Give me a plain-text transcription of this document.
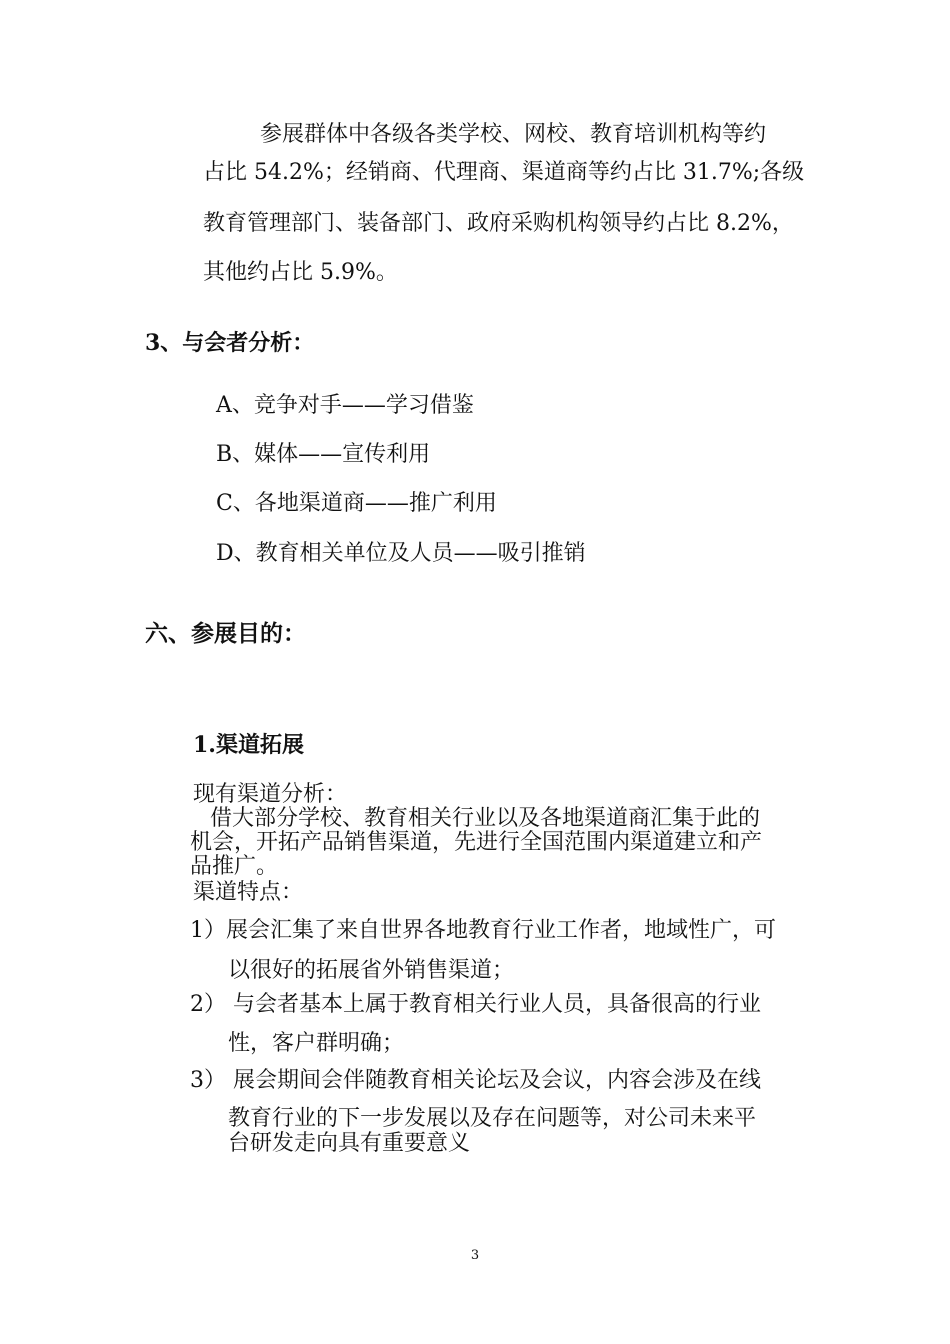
参展群体中各级各类学校、网校、教育培训机构等约
占比 54.2%；经销商、代理商、渠道商等约占比 31.7%;各级
教育管理部门、装备部门、政府采购机构领导约占比 8.2%，
其他约占比 5.9%。
3、与会者分析：
A、竞争对手——学习借鉴
B、媒体——宣传利用
C、各地渠道商——推广利用
D、教育相关单位及人员——吸引推销
六、参展目的：
1.渠道拓展
现有渠道分析：
借大部分学校、教育相关行业以及各地渠道商汇集于此的
机会，开拓产品销售渠道，先进行全国范围内渠道建立和产
品推广。
渠道特点：
1）展会汇集了来自世界各地教育行业工作者，地域性广，可
以很好的拓展省外销售渠道；
2） 与会者基本上属于教育相关行业人员，具备很高的行业
性，客户群明确；
3） 展会期间会伴随教育相关论坛及会议，内容会涉及在线
教育行业的下一步发展以及存在问题等，对公司未来平
台研发走向具有重要意义
3
